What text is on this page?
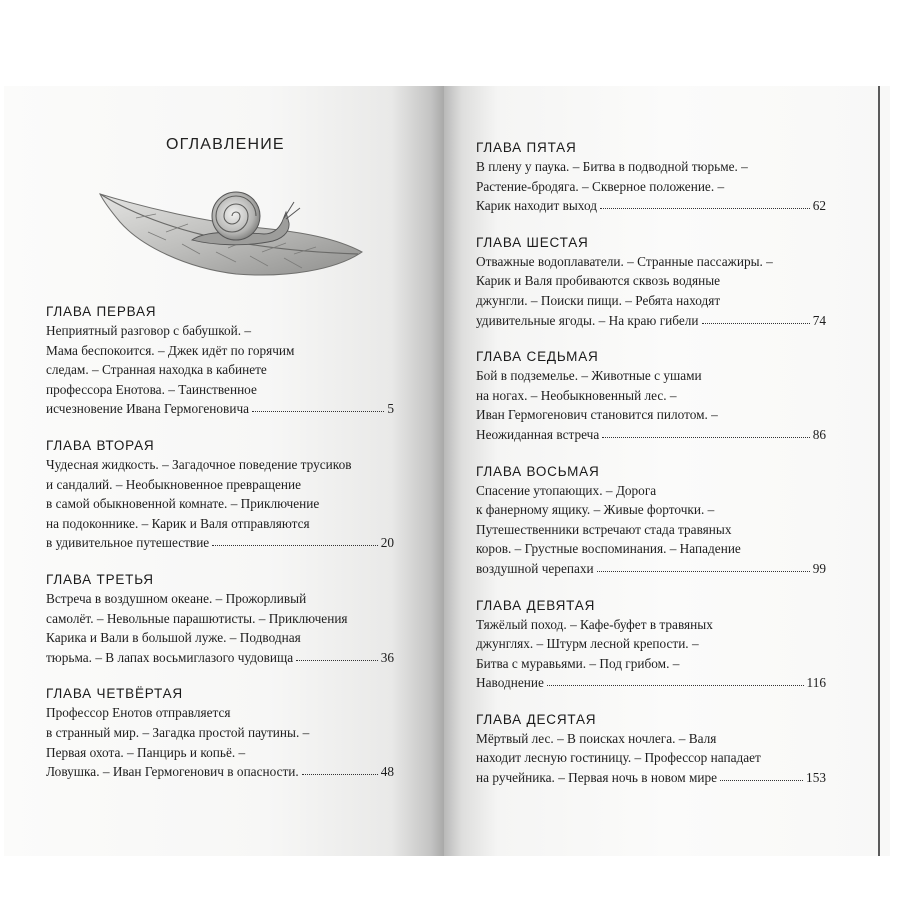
ОГЛАВЛЕНИЕ
ГЛАВА ПЕРВАЯ
Неприятный разговор с бабушкой. –
Мама беспокоится. – Джек идёт по горячим
следам. – Странная находка в кабинете
профессора Енотова. – Таинственное
исчезновение Ивана Гермогеновича	5
ГЛАВА ВТОРАЯ
Чудесная жидкость. – Загадочное поведение трусиков
и сандалий. – Необыкновенное превращение
в самой обыкновенной комнате. – Приключение
на подоконнике. – Карик и Валя отправляются
в удивительное путешествие	20
ГЛАВА ТРЕТЬЯ
Встреча в воздушном океане. – Прожорливый
самолёт. – Невольные парашютисты. – Приключения
Карика и Вали в большой луже. – Подводная
тюрьма. – В лапах восьмиглазого чудовища	36
ГЛАВА ЧЕТВЁРТАЯ
Профессор Енотов отправляется
в странный мир. – Загадка простой паутины. –
Первая охота. – Панцирь и копьё. –
Ловушка. – Иван Гермогенович в опасности.	48
ГЛАВА ПЯТАЯ
В плену у паука. – Битва в подводной тюрьме. –
Растение-бродяга. – Скверное положение. –
Карик находит выход	62
ГЛАВА ШЕСТАЯ
Отважные водоплаватели. – Странные пассажиры. –
Карик и Валя пробиваются сквозь водяные
джунгли. – Поиски пищи. – Ребята находят
удивительные ягоды. – На краю гибели	74
ГЛАВА СЕДЬМАЯ
Бой в подземелье. – Животные с ушами
на ногах. – Необыкновенный лес. –
Иван Гермогенович становится пилотом. –
Неожиданная встреча	86
ГЛАВА ВОСЬМАЯ
Спасение утопающих. – Дорога
к фанерному ящику. – Живые форточки. –
Путешественники встречают стада травяных
коров. – Грустные воспоминания. – Нападение
воздушной черепахи	99
ГЛАВА ДЕВЯТАЯ
Тяжёлый поход. – Кафе-буфет в травяных
джунглях. – Штурм лесной крепости. –
Битва с муравьями. – Под грибом. –
Наводнение	116
ГЛАВА ДЕСЯТАЯ
Мёртвый лес. – В поисках ночлега. – Валя
находит лесную гостиницу. – Профессор нападает
на ручейника. – Первая ночь в новом мире	153
